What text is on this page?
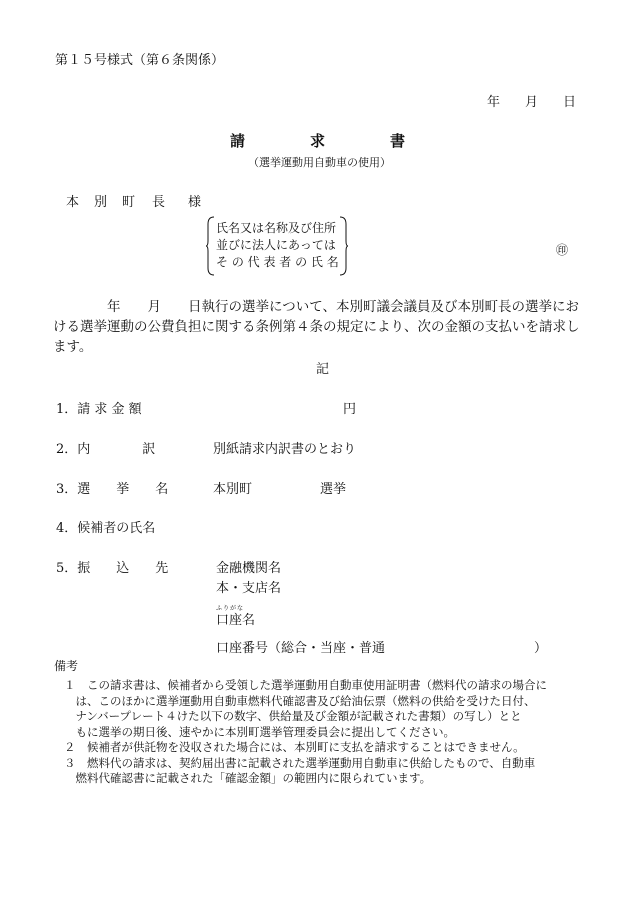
第１５号様式（第６条関係）
年 月 日
請	求	書
（選挙運動用自動車の使用）
本 別 町 長 様
氏名又は名称及び住所
並びに法人にあっては
そ の 代 表 者 の 氏 名
㊞
　　　　年　　月　　日執行の選挙について、本別町議会議員及び本別町長の選挙にお
ける選挙運動の公費負担に関する条例第４条の規定により、次の金額の支払いを請求し
ます。
記
1．請 求 金 額	円
2．内　　　　訳	別紙請求内訳書のとおり
3．選　　挙　　名	本別町	選挙
4．候補者の氏名
5．振　　込　　先	金融機関名
本・支店名
ふりがな
口座名
口座番号（総合・当座・普通	）
備考
１　この請求書は、候補者から受領した選挙運動用自動車使用証明書（燃料代の請求の場合に
　は、このほかに選挙運動用自動車燃料代確認書及び給油伝票（燃料の供給を受けた日付、
　ナンバープレート４けた以下の数字、供給量及び金額が記載された書類）の写し）とと
　もに選挙の期日後、速やかに本別町選挙管理委員会に提出してください。
２　候補者が供託物を没収された場合には、本別町に支払を請求することはできません。
３　燃料代の請求は、契約届出書に記載された選挙運動用自動車に供給したもので、自動車
　燃料代確認書に記載された「確認金額」の範囲内に限られています。
